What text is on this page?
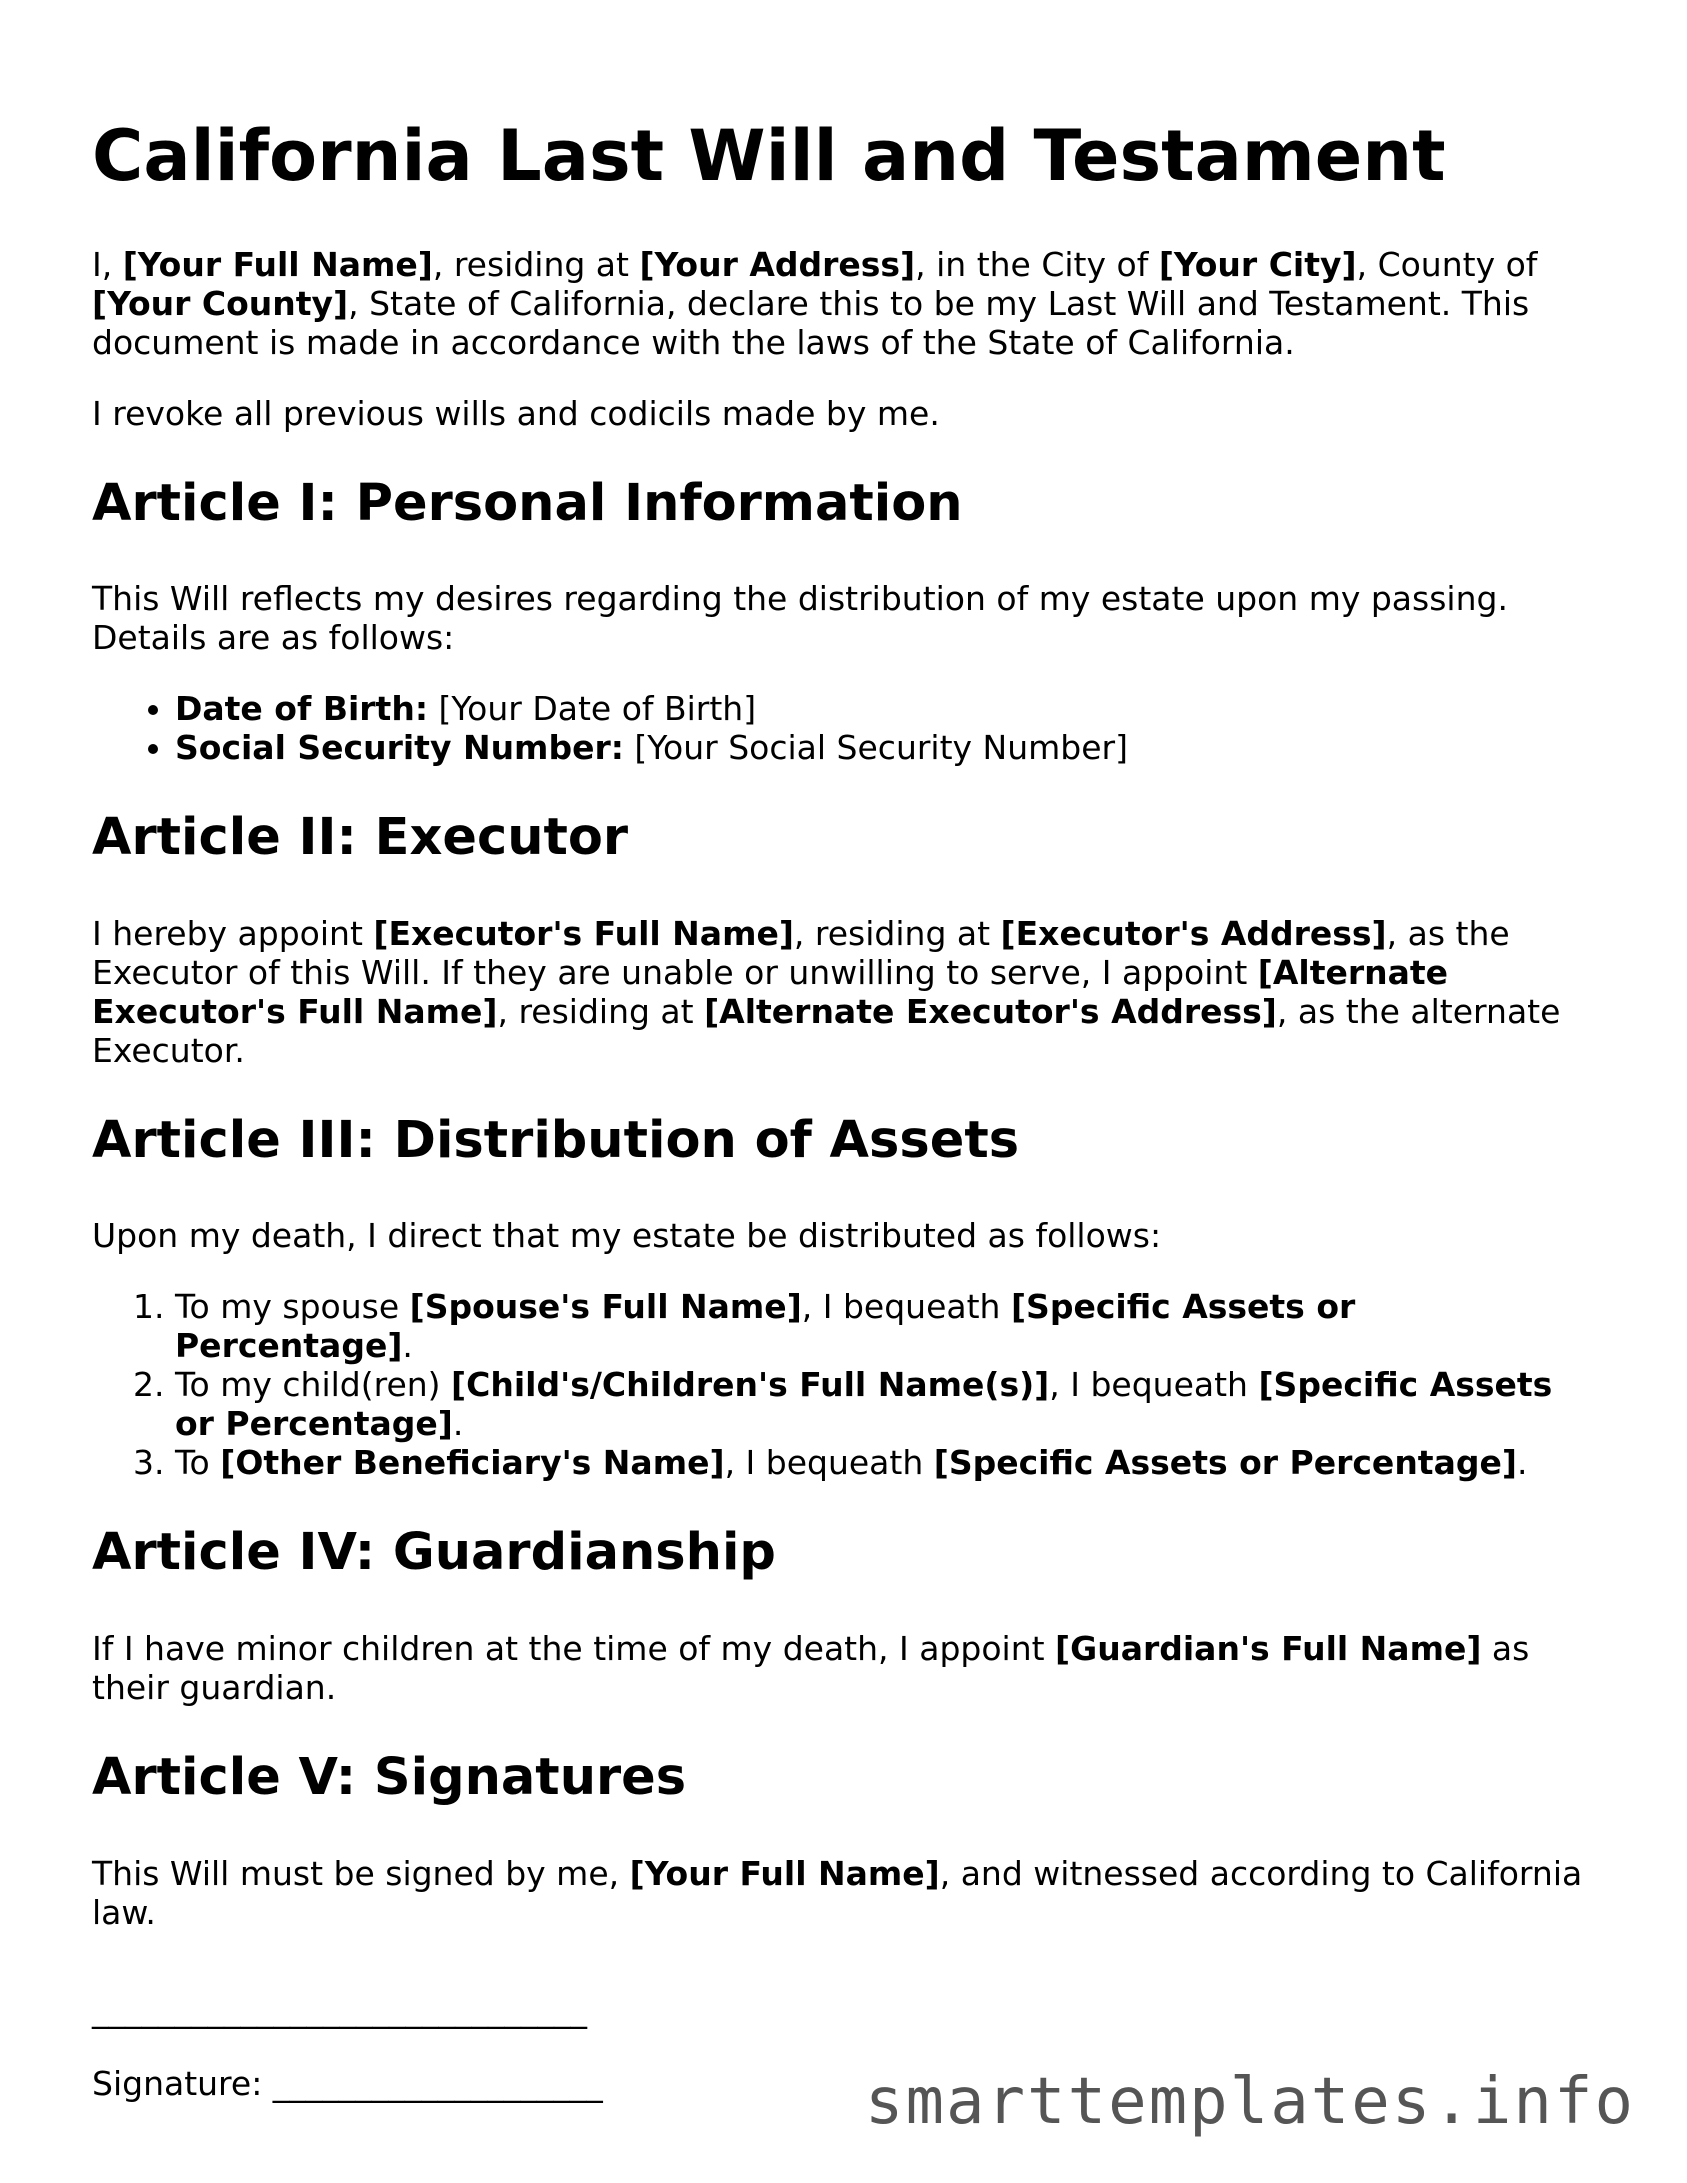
California Last Will and Testament

I, [Your Full Name], residing at [Your Address], in the City of [Your City], County of [Your County], State of California, declare this to be my Last Will and Testament. This document is made in accordance with the laws of the State of California.

I revoke all previous wills and codicils made by me.

Article I: Personal Information

This Will reflects my desires regarding the distribution of my estate upon my passing. Details are as follows:

• Date of Birth: [Your Date of Birth]
• Social Security Number: [Your Social Security Number]
Article II: Executor

I hereby appoint [Executor's Full Name], residing at [Executor's Address], as the Executor of this Will. If they are unable or unwilling to serve, I appoint [Alternate Executor's Full Name], residing at [Alternate Executor's Address], as the alternate Executor.

Article III: Distribution of Assets

Upon my death, I direct that my estate be distributed as follows:

1. To my spouse [Spouse's Full Name], I bequeath [Specific Assets or Percentage].
2. To my child(ren) [Child's/Children's Full Name(s)], I bequeath [Specific Assets or Percentage].
3. To [Other Beneficiary's Name], I bequeath [Specific Assets or Percentage].
Article IV: Guardianship

If I have minor children at the time of my death, I appoint [Guardian's Full Name] as their guardian.

Article V: Signatures

This Will must be signed by me, [Your Full Name], and witnessed according to California law.

______________________________
Signature: ____________________	smarttemplates.info
